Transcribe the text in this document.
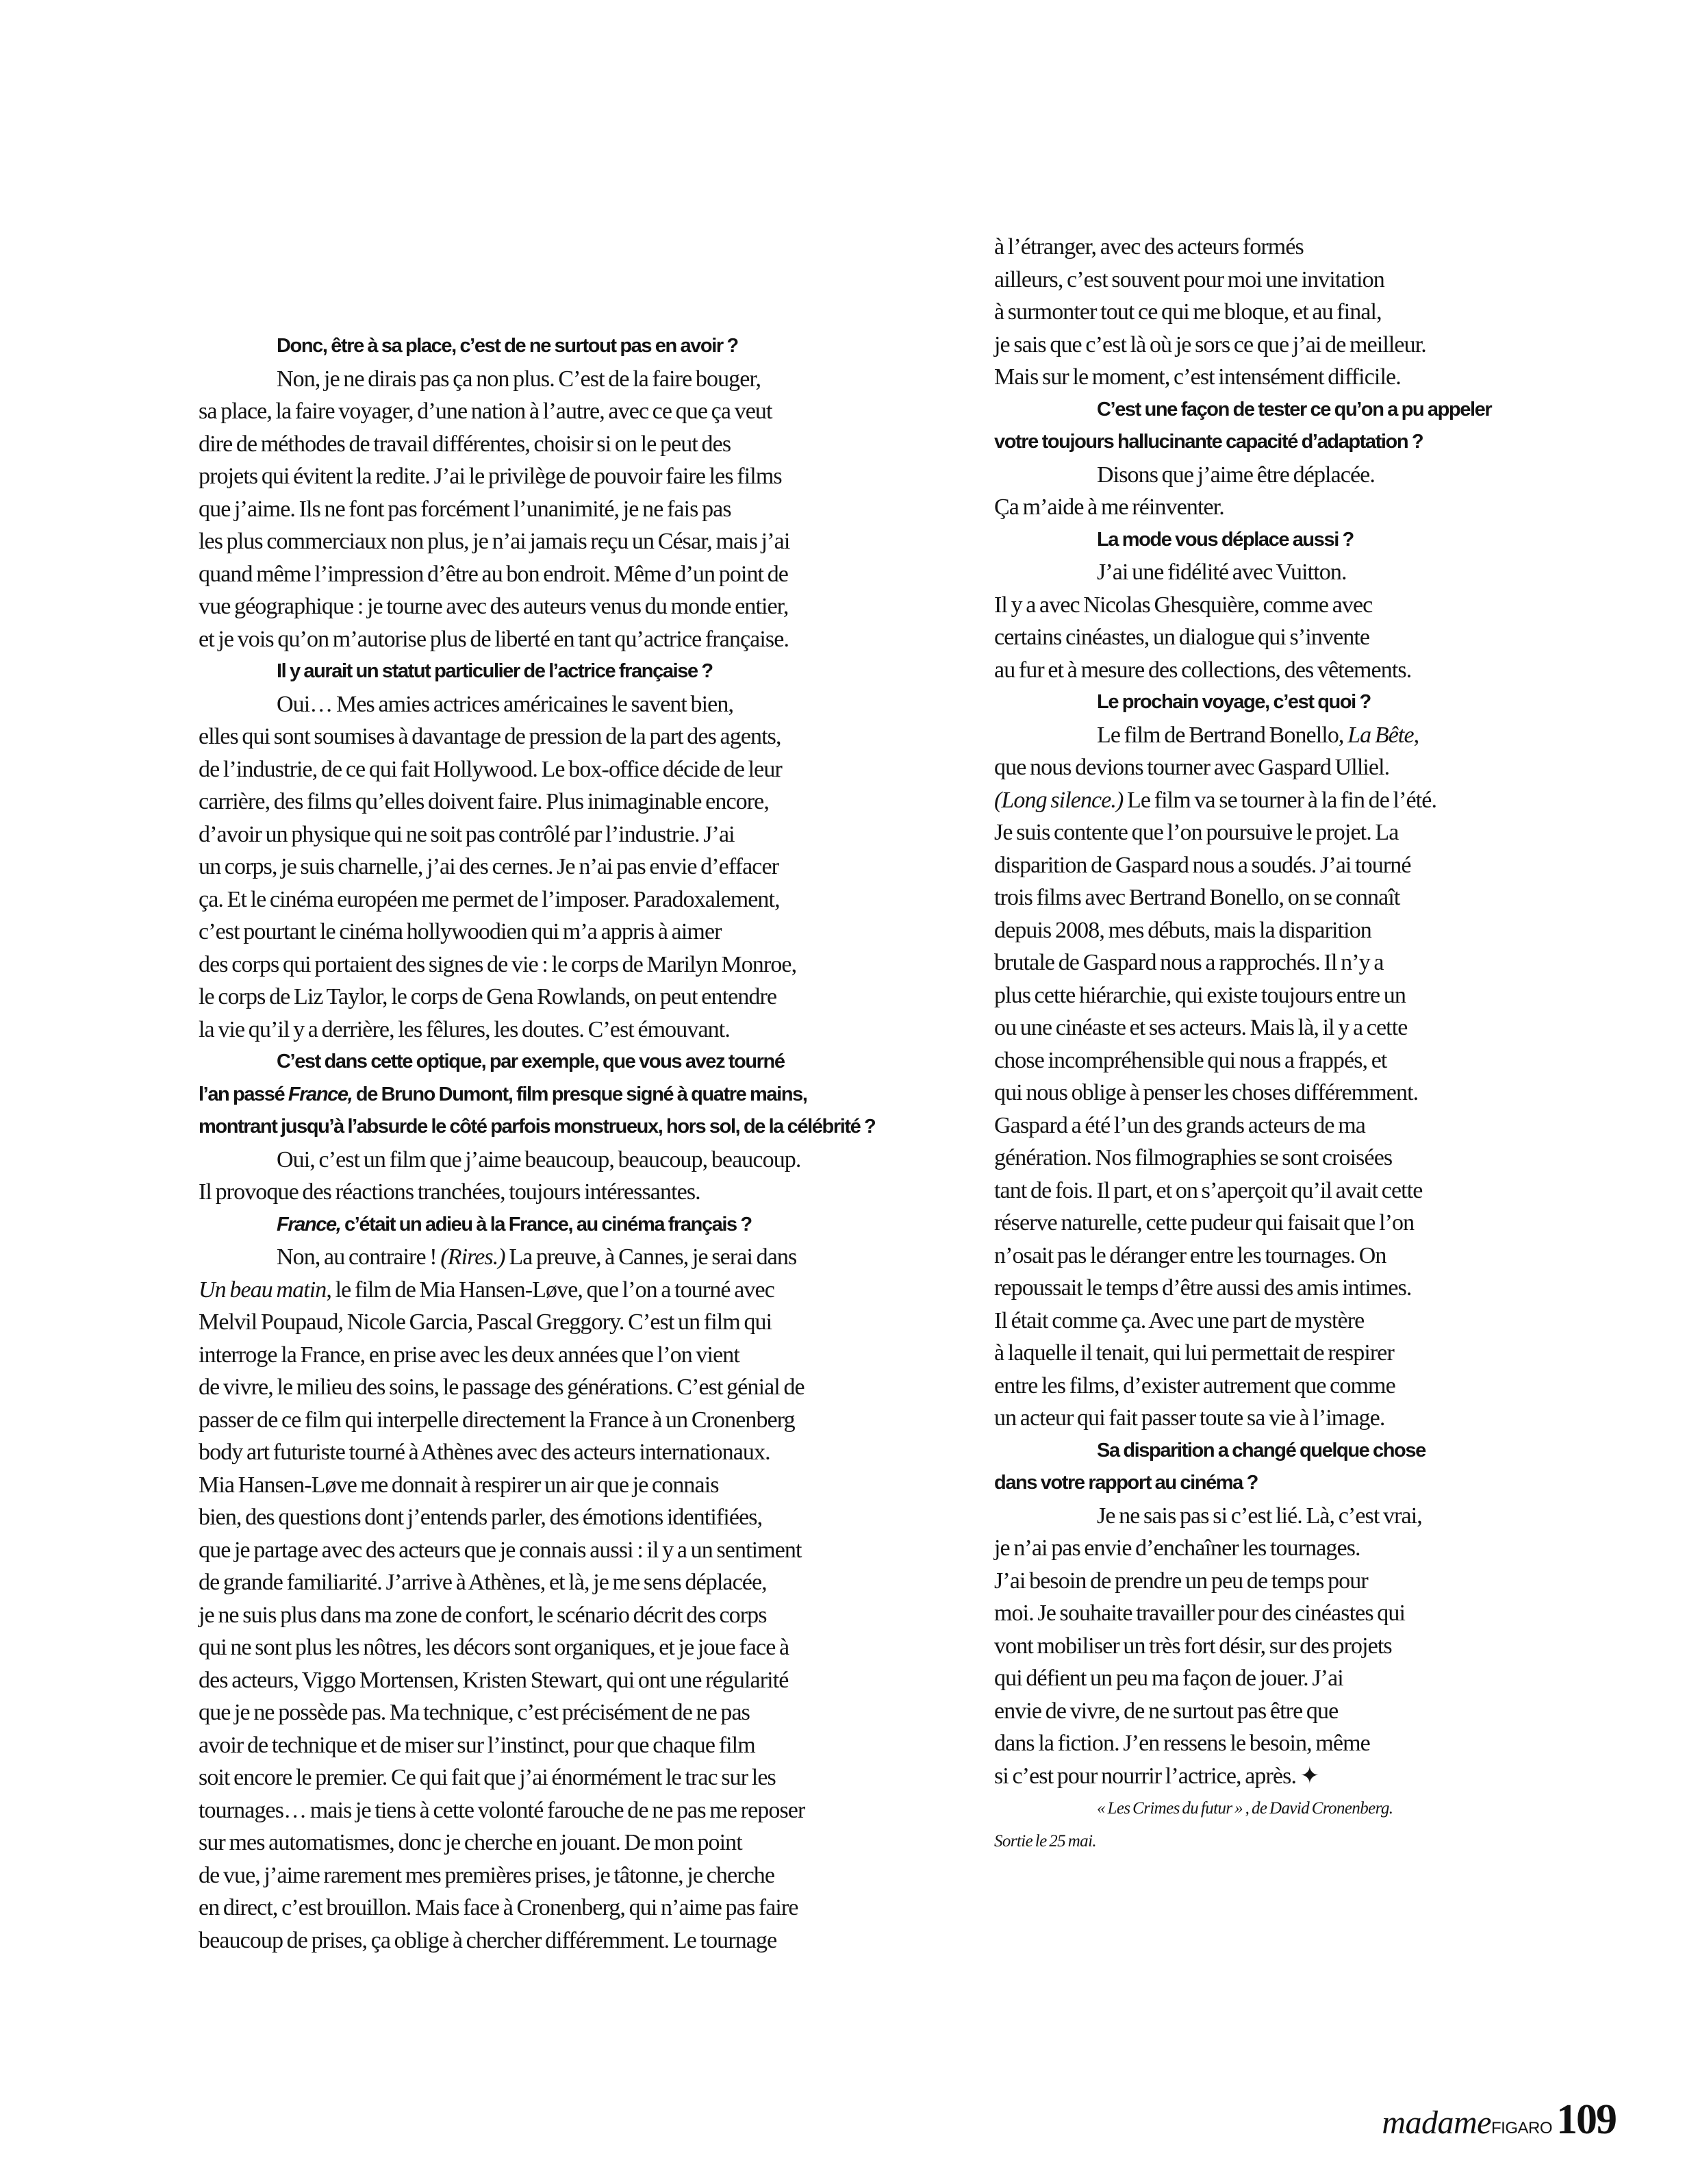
Donc, être à sa place, c’est de ne surtout pas en avoir ?
Non, je ne dirais pas ça non plus. C’est de la faire bouger,
sa place, la faire voyager, d’une nation à l’autre, avec ce que ça veut
dire de méthodes de travail différentes, choisir si on le peut des
projets qui évitent la redite. J’ai le privilège de pouvoir faire les films
que j’aime. Ils ne font pas forcément l’unanimité, je ne fais pas
les plus commerciaux non plus, je n’ai jamais reçu un César, mais j’ai
quand même l’impression d’être au bon endroit. Même d’un point de
vue géographique : je tourne avec des auteurs venus du monde entier,
et je vois qu’on m’autorise plus de liberté en tant qu’actrice française.
Il y aurait un statut particulier de l’actrice française ?
Oui… Mes amies actrices américaines le savent bien,
elles qui sont soumises à davantage de pression de la part des agents,
de l’industrie, de ce qui fait Hollywood. Le box-office décide de leur
carrière, des films qu’elles doivent faire. Plus inimaginable encore,
d’avoir un physique qui ne soit pas contrôlé par l’industrie. J’ai
un corps, je suis charnelle, j’ai des cernes. Je n’ai pas envie d’effacer
ça. Et le cinéma européen me permet de l’imposer. Paradoxalement,
c’est pourtant le cinéma hollywoodien qui m’a appris à aimer
des corps qui portaient des signes de vie : le corps de Marilyn Monroe,
le corps de Liz Taylor, le corps de Gena Rowlands, on peut entendre
la vie qu’il y a derrière, les fêlures, les doutes. C’est émouvant.
C’est dans cette optique, par exemple, que vous avez tourné
l’an passé France, de Bruno Dumont, film presque signé à quatre mains,
montrant jusqu’à l’absurde le côté parfois monstrueux, hors sol, de la célébrité ?
Oui, c’est un film que j’aime beaucoup, beaucoup, beaucoup.
Il provoque des réactions tranchées, toujours intéressantes.
France, c’était un adieu à la France, au cinéma français ?
Non, au contraire ! (Rires.) La preuve, à Cannes, je serai dans
Un beau matin, le film de Mia Hansen-Løve, que l’on a tourné avec
Melvil Poupaud, Nicole Garcia, Pascal Greggory. C’est un film qui
interroge la France, en prise avec les deux années que l’on vient
de vivre, le milieu des soins, le passage des générations. C’est génial de
passer de ce film qui interpelle directement la France à un Cronenberg
body art futuriste tourné à Athènes avec des acteurs internationaux.
Mia Hansen-Løve me donnait à respirer un air que je connais
bien, des questions dont j’entends parler, des émotions identifiées,
que je partage avec des acteurs que je connais aussi : il y a un sentiment
de grande familiarité. J’arrive à Athènes, et là, je me sens déplacée,
je ne suis plus dans ma zone de confort, le scénario décrit des corps
qui ne sont plus les nôtres, les décors sont organiques, et je joue face à
des acteurs, Viggo Mortensen, Kristen Stewart, qui ont une régularité
que je ne possède pas. Ma technique, c’est précisément de ne pas
avoir de technique et de miser sur l’instinct, pour que chaque film
soit encore le premier. Ce qui fait que j’ai énormément le trac sur les
tournages… mais je tiens à cette volonté farouche de ne pas me reposer
sur mes automatismes, donc je cherche en jouant. De mon point
de vue, j’aime rarement mes premières prises, je tâtonne, je cherche
en direct, c’est brouillon. Mais face à Cronenberg, qui n’aime pas faire
beaucoup de prises, ça oblige à chercher différemment. Le tournage
à l’étranger, avec des acteurs formés
ailleurs, c’est souvent pour moi une invitation
à surmonter tout ce qui me bloque, et au final,
je sais que c’est là où je sors ce que j’ai de meilleur.
Mais sur le moment, c’est intensément difficile.
C’est une façon de tester ce qu’on a pu appeler
votre toujours hallucinante capacité d’adaptation ?
Disons que j’aime être déplacée.
Ça m’aide à me réinventer.
La mode vous déplace aussi ?
J’ai une fidélité avec Vuitton.
Il y a avec Nicolas Ghesquière, comme avec
certains cinéastes, un dialogue qui s’invente
au fur et à mesure des collections, des vêtements.
Le prochain voyage, c’est quoi ?
Le film de Bertrand Bonello, La Bête,
que nous devions tourner avec Gaspard Ulliel.
(Long silence.) Le film va se tourner à la fin de l’été.
Je suis contente que l’on poursuive le projet. La
disparition de Gaspard nous a soudés. J’ai tourné
trois films avec Bertrand Bonello, on se connaît
depuis 2008, mes débuts, mais la disparition
brutale de Gaspard nous a rapprochés. Il n’y a
plus cette hiérarchie, qui existe toujours entre un
ou une cinéaste et ses acteurs. Mais là, il y a cette
chose incompréhensible qui nous a frappés, et
qui nous oblige à penser les choses différemment.
Gaspard a été l’un des grands acteurs de ma
génération. Nos filmographies se sont croisées
tant de fois. Il part, et on s’aperçoit qu’il avait cette
réserve naturelle, cette pudeur qui faisait que l’on
n’osait pas le déranger entre les tournages. On
repoussait le temps d’être aussi des amis intimes.
Il était comme ça. Avec une part de mystère
à laquelle il tenait, qui lui permettait de respirer
entre les films, d’exister autrement que comme
un acteur qui fait passer toute sa vie à l’image.
Sa disparition a changé quelque chose
dans votre rapport au cinéma ?
Je ne sais pas si c’est lié. Là, c’est vrai,
je n’ai pas envie d’enchaîner les tournages.
J’ai besoin de prendre un peu de temps pour
moi. Je souhaite travailler pour des cinéastes qui
vont mobiliser un très fort désir, sur des projets
qui défient un peu ma façon de jouer. J’ai
envie de vivre, de ne surtout pas être que
dans la fiction. J’en ressens le besoin, même
si c’est pour nourrir l’actrice, après. ✦
« Les Crimes du futur » , de David Cronenberg.
Sortie le 25 mai.
madame FIGARO 109
